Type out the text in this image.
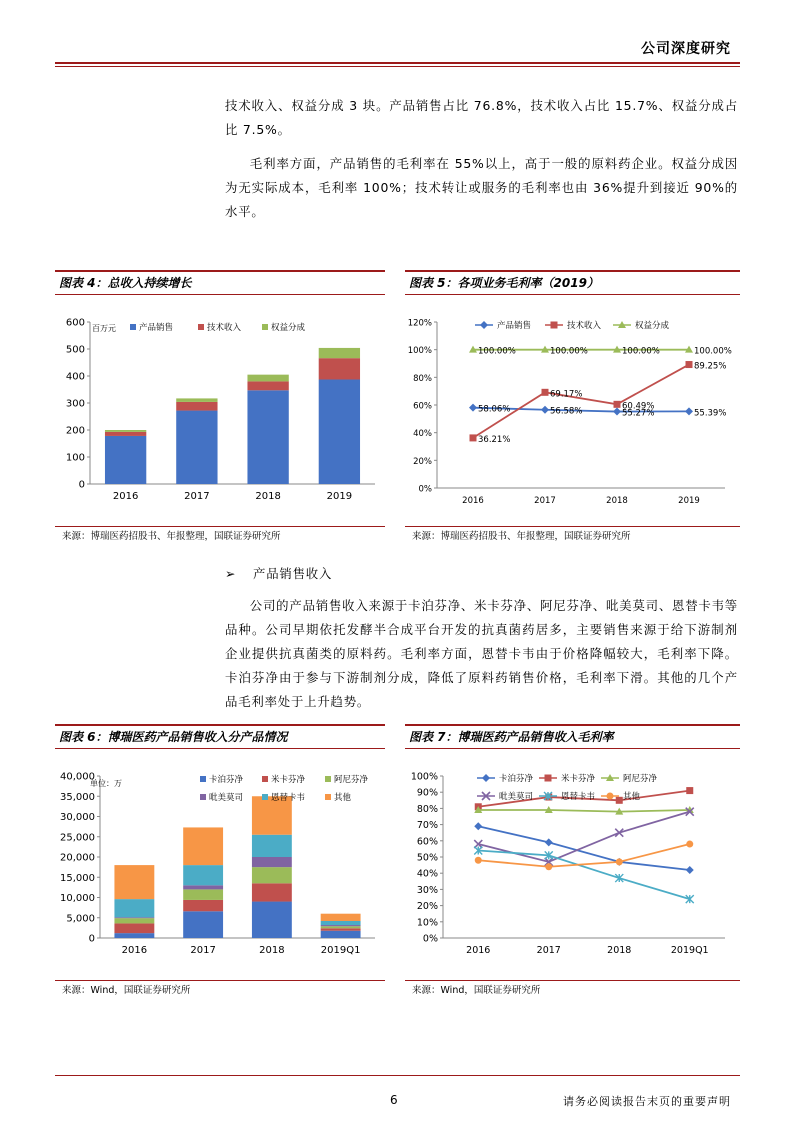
公司深度研究

技术收入、权益分成 3 块。产品销售占比 76.8%，技术收入占比 15.7%、权益分成占比 7.5%。

毛利率方面，产品销售的毛利率在 55%以上，高于一般的原料药企业。权益分成因为无实际成本，毛利率 100%；技术转让或服务的毛利率也由 36%提升到接近 90%的水平。

图表 4：总收入持续增长
0
100
200
300
400
500
600
2016	2017	2018	2019
百万元	产品销售	技术收入	权益分成
来源：博瑞医药招股书、年报整理，国联证券研究所
图表 5：各项业务毛利率（2019）
0%
20%
40%
60%
80%
100%
120%
2016	2017	2018	2019
58.06%	56.58%	55.27%	55.39%
36.21%
69.17%
60.49%
89.25%
100.00%	100.00%	100.00%	100.00%
产品销售	技术收入	权益分成
来源：博瑞医药招股书、年报整理，国联证券研究所
➢ 产品销售收入

公司的产品销售收入来源于卡泊芬净、米卡芬净、阿尼芬净、吡美莫司、恩替卡韦等品种。公司早期依托发酵半合成平台开发的抗真菌药居多，主要销售来源于给下游制剂企业提供抗真菌类的原料药。毛利率方面，恩替卡韦由于价格降幅较大，毛利率下降。卡泊芬净由于参与下游制剂分成，降低了原料药销售价格，毛利率下滑。其他的几个产品毛利率处于上升趋势。

图表 6：博瑞医药产品销售收入分产品情况
0
5,000
10,000
15,000
20,000
25,000
30,000
35,000
40,000
2016	2017	2018	2019Q1
单位：万	卡泊芬净	米卡芬净	阿尼芬净
吡美莫司	恩替卡韦	其他
来源：Wind，国联证券研究所
图表 7：博瑞医药产品销售收入毛利率
0%
10%
20%
30%
40%
50%
60%
70%
80%
90%
100%
2016	2017	2018	2019Q1
卡泊芬净	米卡芬净	阿尼芬净
吡美莫司	恩替卡韦	其他
来源：Wind，国联证券研究所
6	请务必阅读报告末页的重要声明
